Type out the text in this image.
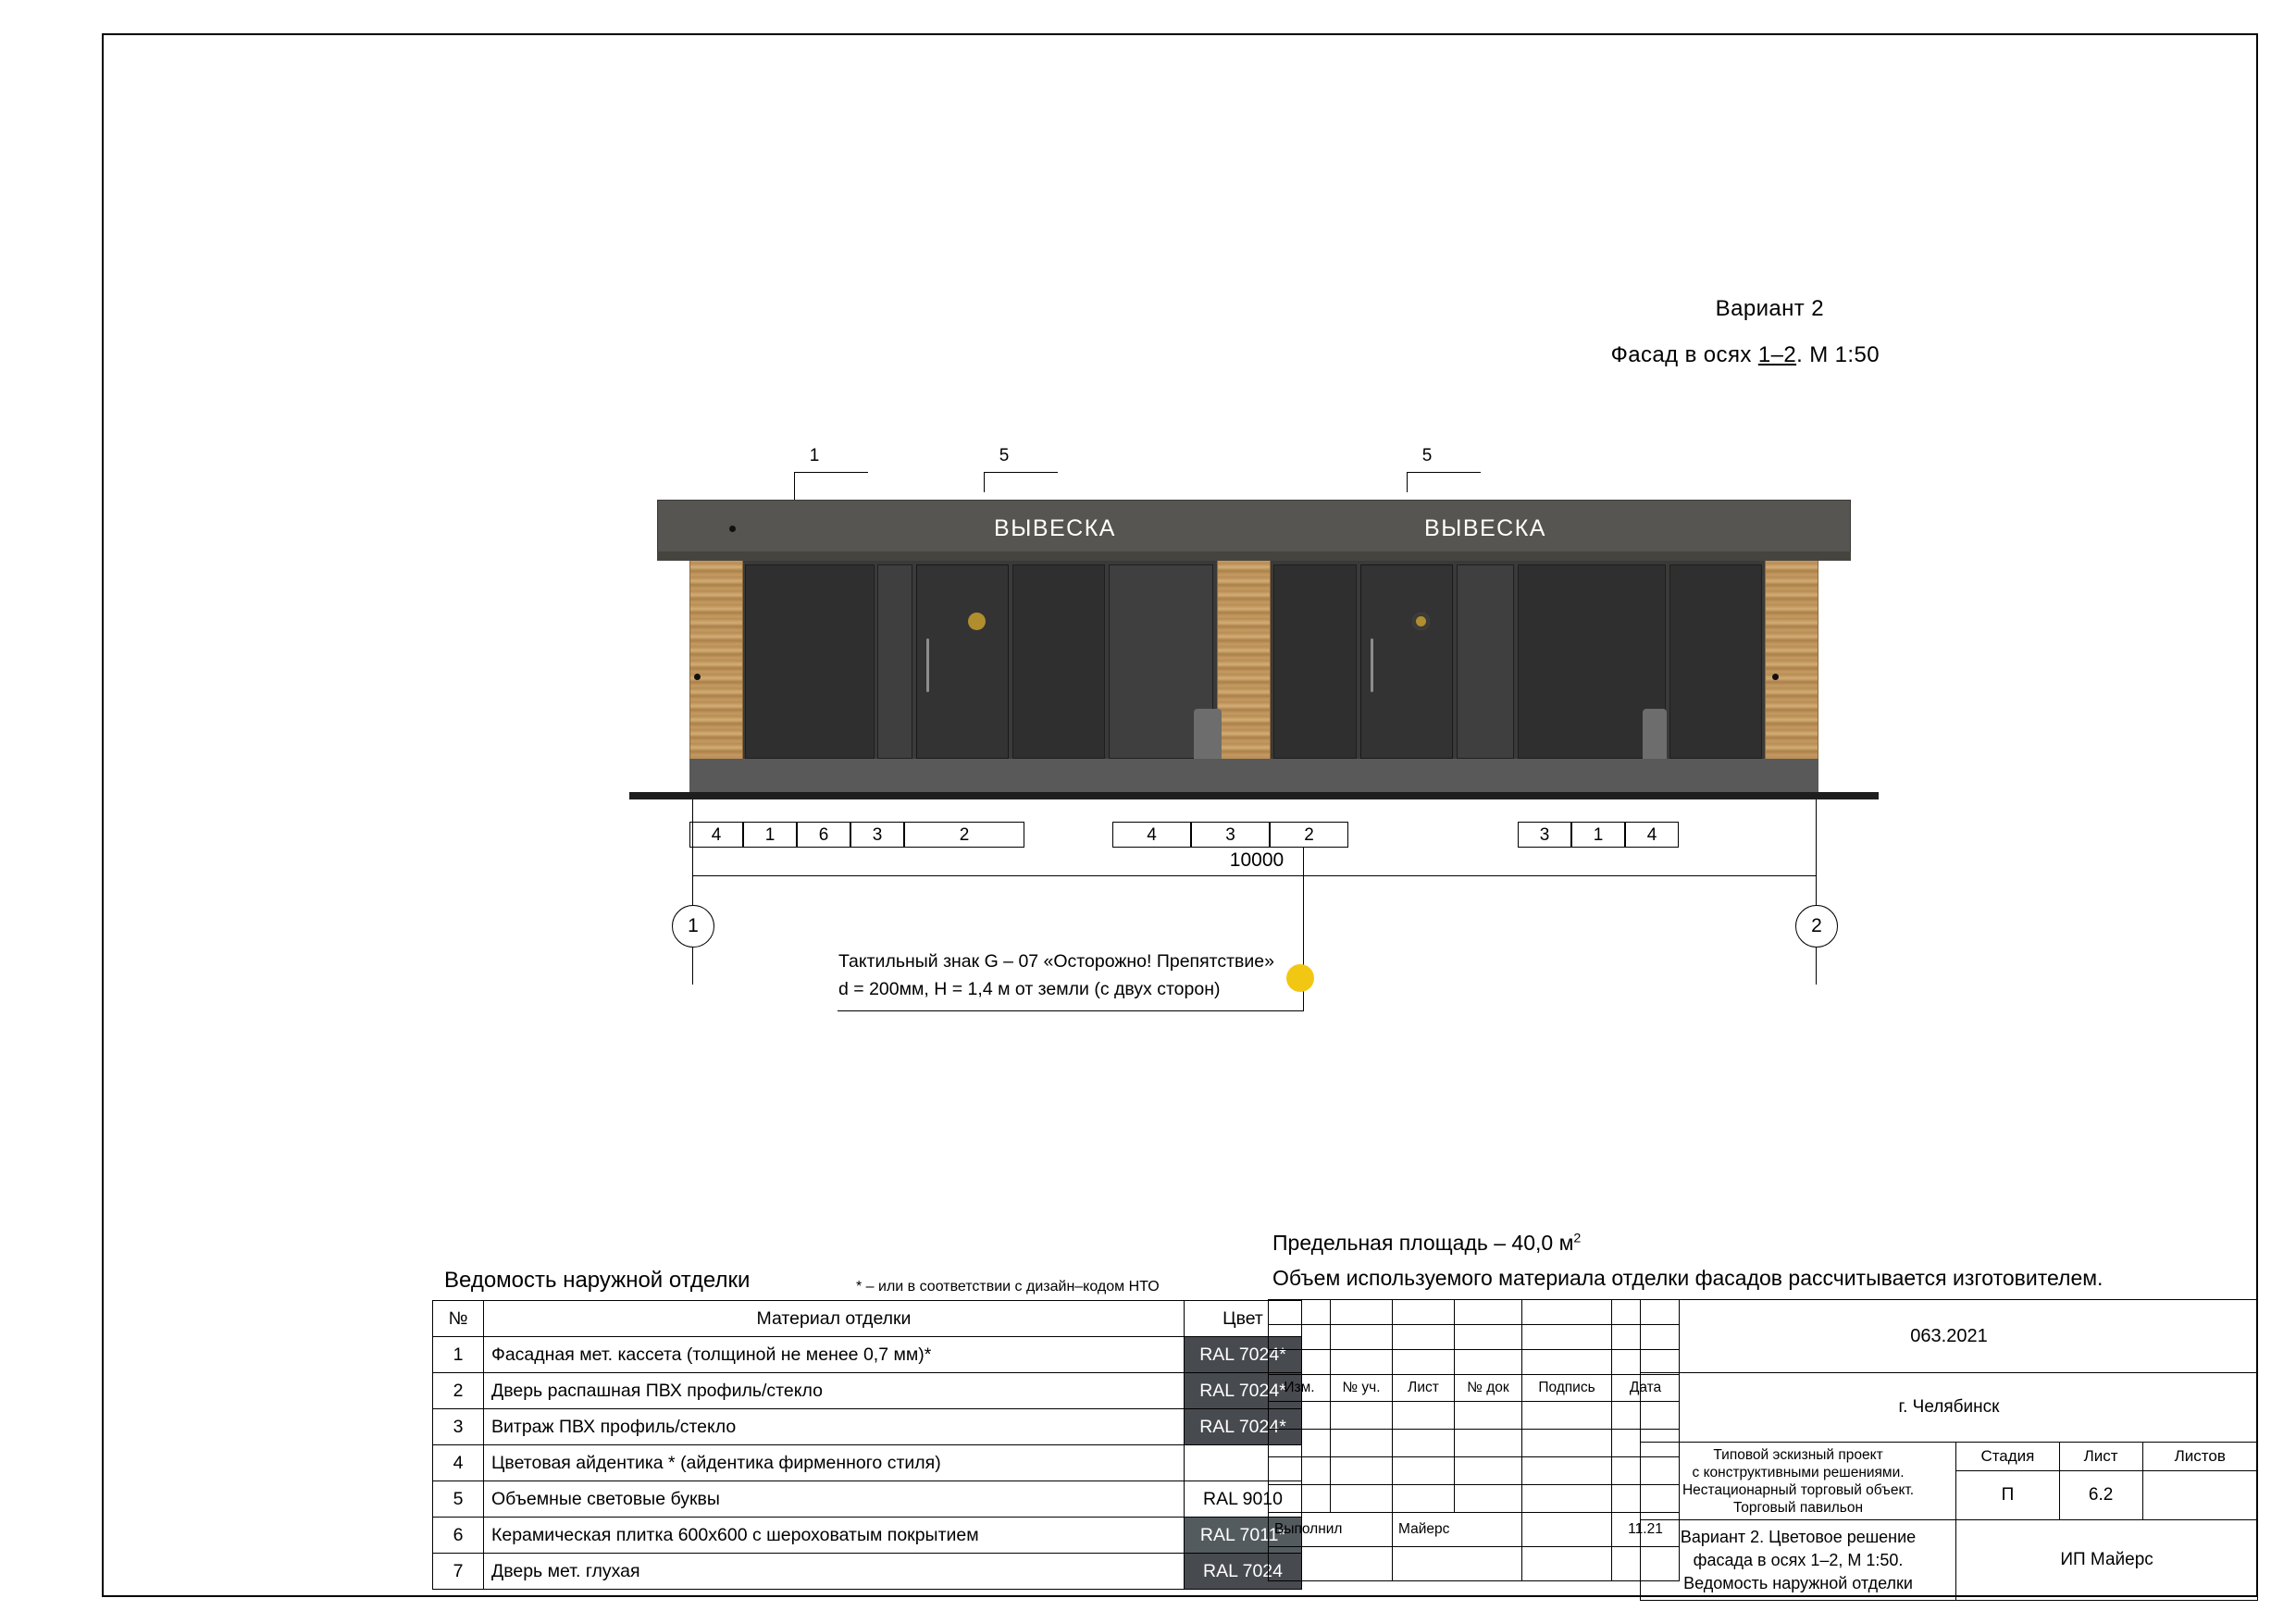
Вариант 2
Фасад в осях 1–2. М 1:50
5
5
1
ВЫВЕСКА	ВЫВЕСКА
4	1	6	3	2	4	3	2	3	1	4
10000
1	2
Тактильный знак G – 07 «Осторожно! Препятствие»
d = 200мм, Н = 1,4 м от земли (с двух сторон)
Ведомость наружной отделки	* – или в соответствии с дизайн–кодом НТО
№	Материал отделки	Цвет
1	Фасадная мет. кассета (толщиной не менее 0,7 мм)*	RAL 7024*
2	Дверь распашная ПВХ профиль/стекло	RAL 7024*
3	Витраж ПВХ профиль/стекло	RAL 7024*
4	Цветовая айдентика * (айдентика фирменного стиля)	
5	Объемные световые буквы	RAL 9010
6	Керамическая плитка 600х600 с шероховатым покрытием	RAL 7011*
7	Дверь мет. глухая	RAL 7024
Предельная площадь – 40,0 $м^2$
Объем используемого материала отделки фасадов рассчитывается изготовителем.

Изм.	№ уч.	Лист	№ док	Подпись	Дата

Выполнил		Майерс			11.21

063.2021			
г. Челябинск			

Типовой эскизный проект
с конструктивными решениями.
Нестационарный торговый объект.
Торговый павильон	Стадия	Лист	Листов
	П	6.2	

Вариант 2. Цветовое решение
фасада в осях 1–2, М 1:50.
Ведомость наружной отделки	ИП Майерс		
